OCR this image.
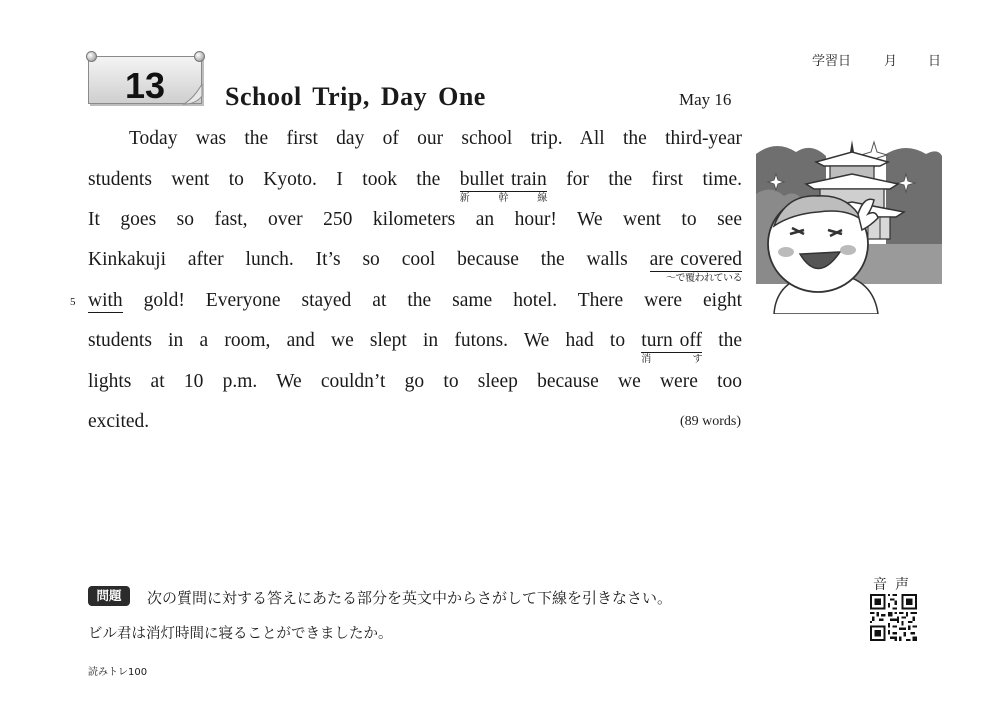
学習日	月 日
13	School Trip, Day One	May 16
Today was the first day of our school trip. All the third-year
students went to Kyoto. I took the bullet train
新幹線
for the first time.
It goes so fast, over 250 kilometers an hour! We went to see
Kinkakuji after lunch. It’s so cool because the walls are covered
～で覆われている
with gold! Everyone stayed at the same hotel. There were eight
students in a room, and we slept in futons. We had to turn off
消す
the
lights at 10 p.m. We couldn’t go to sleep because we were too
excited.
5
(89 words)
問題	次の質問に対する答えにあたる部分を英文中からさがして下線を引きなさい。
ビル君は消灯時間に寝ることができましたか。
音声
読みトレ100
